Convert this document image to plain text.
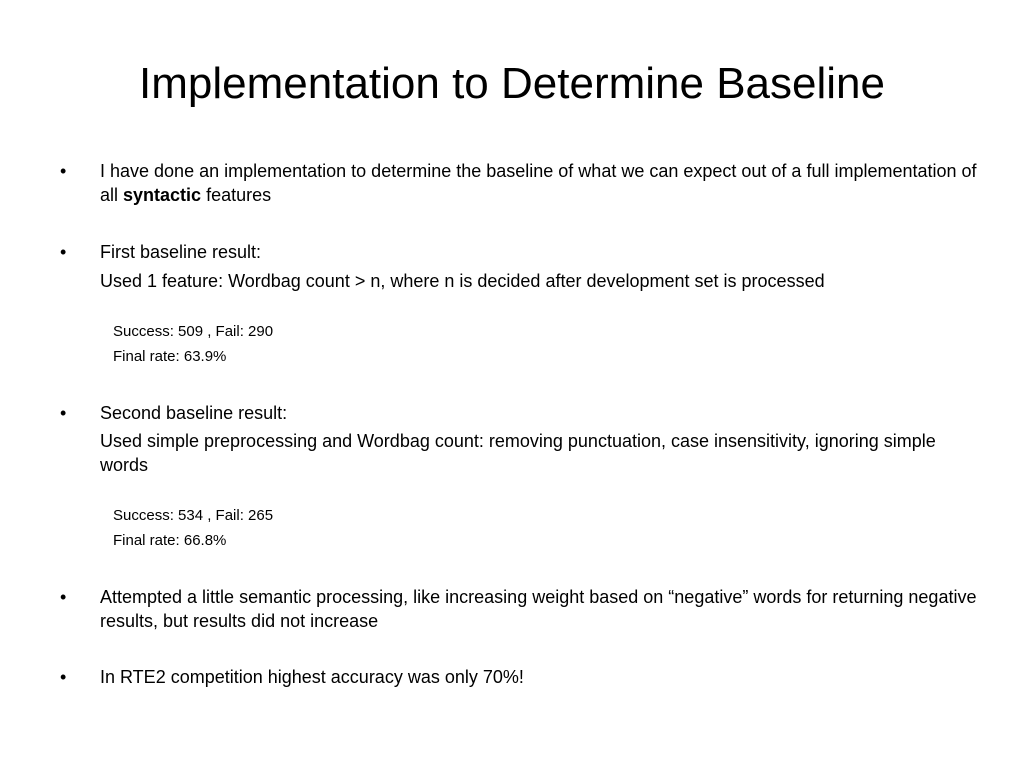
Implementation to Determine Baseline
• I have done an implementation to determine the baseline of what we can expect out of a full implementation of all syntactic features
• First baseline result:
Used 1 feature: Wordbag count > n, where n is decided after development set is processed
Success: 509 , Fail: 290
Final rate: 63.9%
• Second baseline result:
Used simple preprocessing and Wordbag count: removing punctuation, case insensitivity, ignoring simple words
Success: 534 , Fail: 265
Final rate: 66.8%
• Attempted a little semantic processing, like increasing weight based on “negative” words for returning negative results, but results did not increase
• In RTE2 competition highest accuracy was only 70%!
